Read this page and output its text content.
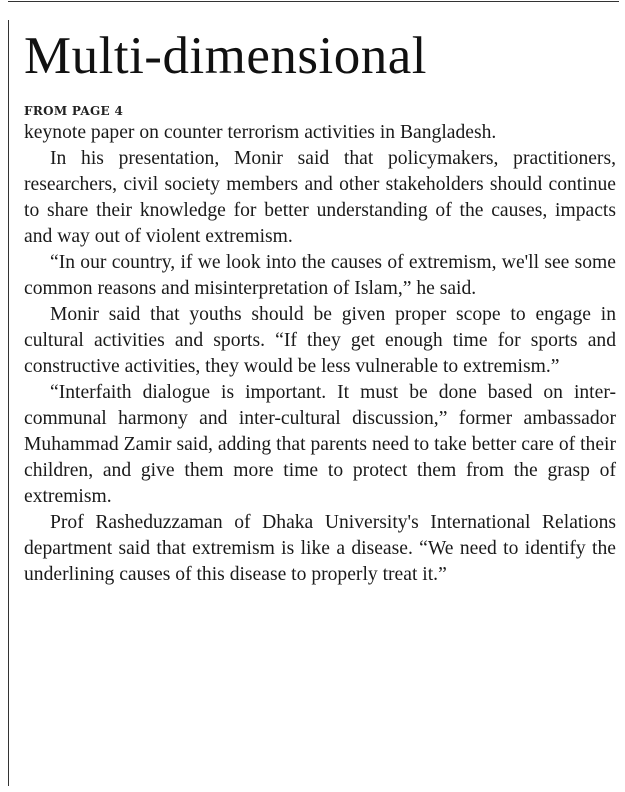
Multi-dimensional
FROM PAGE 4

keynote paper on counter terrorism activities in Bangladesh.

In his presentation, Monir said that policymakers, practitioners, researchers, civil society members and other stakeholders should continue to share their knowledge for better understanding of the causes, impacts and way out of violent extremism.

“In our country, if we look into the causes of extremism, we'll see some common reasons and misinterpretation of Islam,” he said.

Monir said that youths should be given proper scope to engage in cultural activities and sports. “If they get enough time for sports and constructive activities, they would be less vulnerable to extremism.”

“Interfaith dialogue is important. It must be done based on inter-communal harmony and inter-cultural discussion,” former ambassador Muhammad Zamir said, adding that parents need to take better care of their children, and give them more time to protect them from the grasp of extremism.

Prof Rasheduzzaman of Dhaka University's International Relations department said that extremism is like a disease. “We need to identify the underlining causes of this disease to properly treat it.”
